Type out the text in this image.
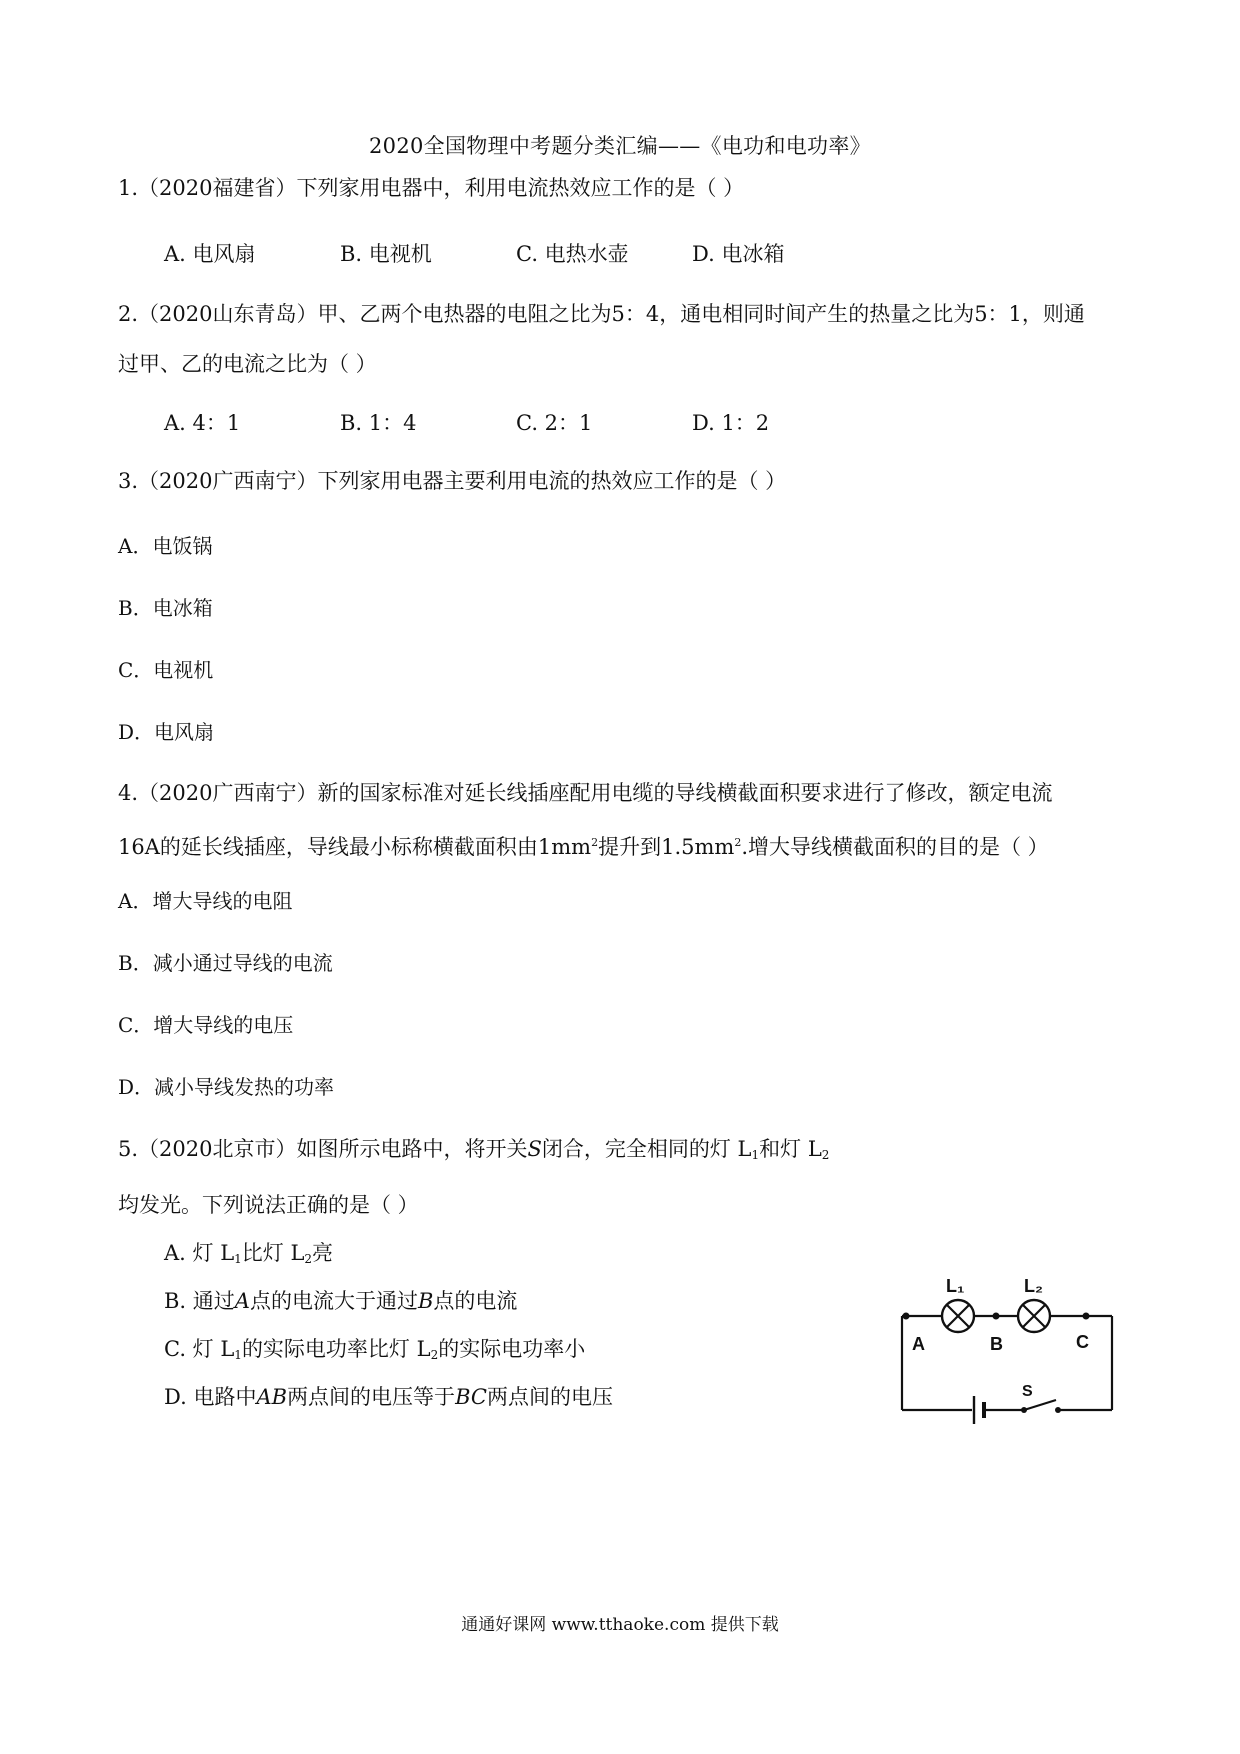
2020全国物理中考题分类汇编——《电功和电功率》

1.（2020福建省）下列家用电器中，利用电流热效应工作的是（ ）

A. 电风扇	B. 电视机	C. 电热水壶	D. 电冰箱

2.（2020山东青岛）甲、乙两个电热器的电阻之比为5：4，通电相同时间产生的热量之比为5：1，则通

过甲、乙的电流之比为（ ）

A. 4：1	B. 1：4	C. 2：1	D. 1：2

3.（2020广西南宁）下列家用电器主要利用电流的热效应工作的是（ ）

A．电饭锅
B．电冰箱
C．电视机
D．电风扇

4.（2020广西南宁）新的国家标准对延长线插座配用电缆的导线横截面积要求进行了修改，额定电流

16A的延长线插座，导线最小标称横截面积由$1mm^2$提升到$1.5mm^2$.增大导线横截面积的目的是（ ）

A．增大导线的电阻
B．减小通过导线的电流
C．增大导线的电压
D．减小导线发热的功率

5.（2020北京市）如图所示电路中，将开关S闭合，完全相同的灯 $L_1$和灯 $L_2$

均发光。下列说法正确的是（ ）

A. 灯 $L_1$比灯 $L_2$亮
B. 通过A点的电流大于通过B点的电流
C. 灯 $L_1$的实际电功率比灯 $L_2$的实际电功率小
D. 电路中AB两点间的电压等于BC两点间的电压	S
L₁	L₂
A	B	C
通通好课网 www.tthaoke.com 提供下载
